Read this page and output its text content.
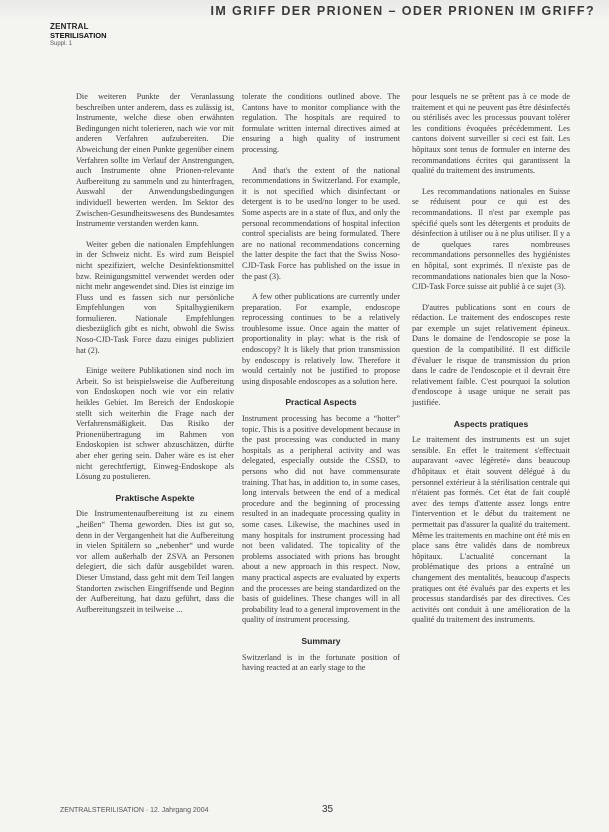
IM GRIFF DER PRIONEN – ODER PRIONEN IM GRIFF?
ZENTRAL
STERILISATION
Suppl. 1

Die weiteren Punkte der Veranlassung beschreiben unter anderem, dass es zulässig ist, Instrumente, welche diese oben erwähnten Bedingungen nicht tolerieren, nach wie vor mit anderen Verfahren aufzubereiten. Die Abweichung der einen Punkte gegenüber einem Verfahren sollte im Verlauf der Anstrengungen, auch Instrumente ohne Prionen-relevante Aufbereitung zu sammeln und zu hinterfragen, Auswahl der Anwendungsbedingungen individuell bewerten werden. Im Sektor des Zwischen-Gesundheitswesens des Bundesamtes Instrumente verstanden werden kann.

Weiter geben die nationalen Empfehlungen in der Schweiz nicht. Es wird zum Beispiel nicht spezifiziert, welche Desinfektionsmittel bzw. Reinigungsmittel verwendet werden oder nicht mehr angewendet sind. Dies ist einzige im Fluss und es fassen sich nur persönliche Empfehlungen von Spitalhygienikern formulieren. Nationale Empfehlungen diesbezüglich gibt es nicht, obwohl die Swiss Noso-CJD-Task Force dazu einiges publiziert hat (2).

Einige weitere Publikationen sind noch im Arbeit. So ist beispielsweise die Aufbereitung von Endoskopen noch wie vor ein relativ heikles Gebiet. Im Bereich der Endoskopie stellt sich weiterhin die Frage nach der Verfahrensmäßigkeit. Das Risiko der Prionenübertragung im Rahmen von Endoskopien ist schwer abzuschätzen, dürfte aber eher gering sein. Daher wäre es ist eher nicht gerechtfertigt, Einweg-Endoskope als Lösung zu postulieren.

Praktische Aspekte

Die Instrumentenaufbereitung ist zu einem „heißen“ Thema geworden. Dies ist gut so, denn in der Vergangenheit hat die Aufbereitung in vielen Spitälern so „nebenher“ und wurde vor allem außerhalb der ZSVA an Personen delegiert, die sich dafür ausgebildet waren. Dieser Umstand, dass geht mit dem Teil langen Standorten zwischen Eingriffsende und Beginn der Aufbereitung, hat dazu geführt, dass die Aufbereitungszeit in teilweise ...

tolerate the conditions outlined above. The Cantons have to monitor compliance with the regulation. The hospitals are required to formulate written internal directives aimed at ensuring a high quality of instrument processing.

And that's the extent of the national recommendations in Switzerland. For example, it is not specified which disinfectant or detergent is to be used/no longer to be used. Some aspects are in a state of flux, and only the personal recommendations of hospital infection control specialists are being formulated. There are no national recommendations concerning the latter despite the fact that the Swiss Noso-CJD-Task Force has published on the issue in the past (3).

A few other publications are currently under preparation. For example, endoscope reprocessing continues to be a relatively troublesome issue. Once again the matter of proportionality in play: what is the risk of endoscopy? It is likely that prion transmission by endoscopy is relatively low. Therefore it would certainly not be justified to propose using disposable endoscopes as a solution here.

Practical Aspects

Instrument processing has become a “hotter” topic. This is a positive development because in the past processing was conducted in many hospitals as a peripheral activity and was delegated, especially outside the CSSD, to persons who did not have commensurate training. That has, in addition to, in some cases, long intervals between the end of a medical procedure and the beginning of processing resulted in an inadequate processing quality in some cases. Likewise, the machines used in many hospitals for instrument processing had not been validated. The topicality of the problems associated with prions has brought about a new approach in this respect. Now, many practical aspects are evaluated by experts and the processes are being standardized on the basis of guidelines. These changes will in all probability lead to a general improvement in the quality of instrument processing.

Summary

Switzerland is in the fortunate position of having reacted at an early stage to the

pour lesquels ne se prêtent pas à ce mode de traitement et qui ne peuvent pas être désinfectés ou stérilisés avec les processus pouvant tolérer les conditions évoquées précédemment. Les cantons doivent surveiller si ceci est fait. Les hôpitaux sont tenus de formuler en interne des recommandations écrites qui garantissent la qualité du traitement des instruments.

Les recommandations nationales en Suisse se réduisent pour ce qui est des recommandations. Il n'est par exemple pas spécifié quels sont les détergents et produits de désinfection à utiliser ou à ne plus utiliser. Il y a de quelques rares nombreuses recommandations personnelles des hygiénistes en hôpital, sont exprimés. Il n'existe pas de recommandations nationales bien que la Noso-CJD-Task Force suisse ait publié à ce sujet (3).

D'autres publications sont en cours de rédaction. Le traitement des endoscopes reste par exemple un sujet relativement épineux. Dans le domaine de l'endoscopie se pose la question de la compatibilité. Il est difficile d'évaluer le risque de transmission du prion dans le cadre de l'endoscopie et il devrait être relativement faible. C'est pourquoi la solution d'endoscope à usage unique ne serait pas justifiée.

Aspects pratiques

Le traitement des instruments est un sujet sensible. En effet le traitement s'effectuait auparavant «avec légèreté» dans beaucoup d'hôpitaux et était souvent délégué à du personnel extérieur à la stérilisation centrale qui n'étaient pas formés. Cet état de fait couplé avec des temps d'attente assez longs entre l'intervention et le début du traitement ne permettait pas d'assurer la qualité du traitement. Même les traitements en machine ont été mis en place sans être validés dans de nombreux hôpitaux. L'actualité concernant la problématique des prions a entraîné un changement des mentalités, beaucoup d'aspects pratiques ont été évalués par des experts et les processus standardisés par des directives. Ces activités ont conduit à une amélioration de la qualité du traitement des instruments.

ZENTRALSTERILISATION · 12. Jahrgang 2004	35
